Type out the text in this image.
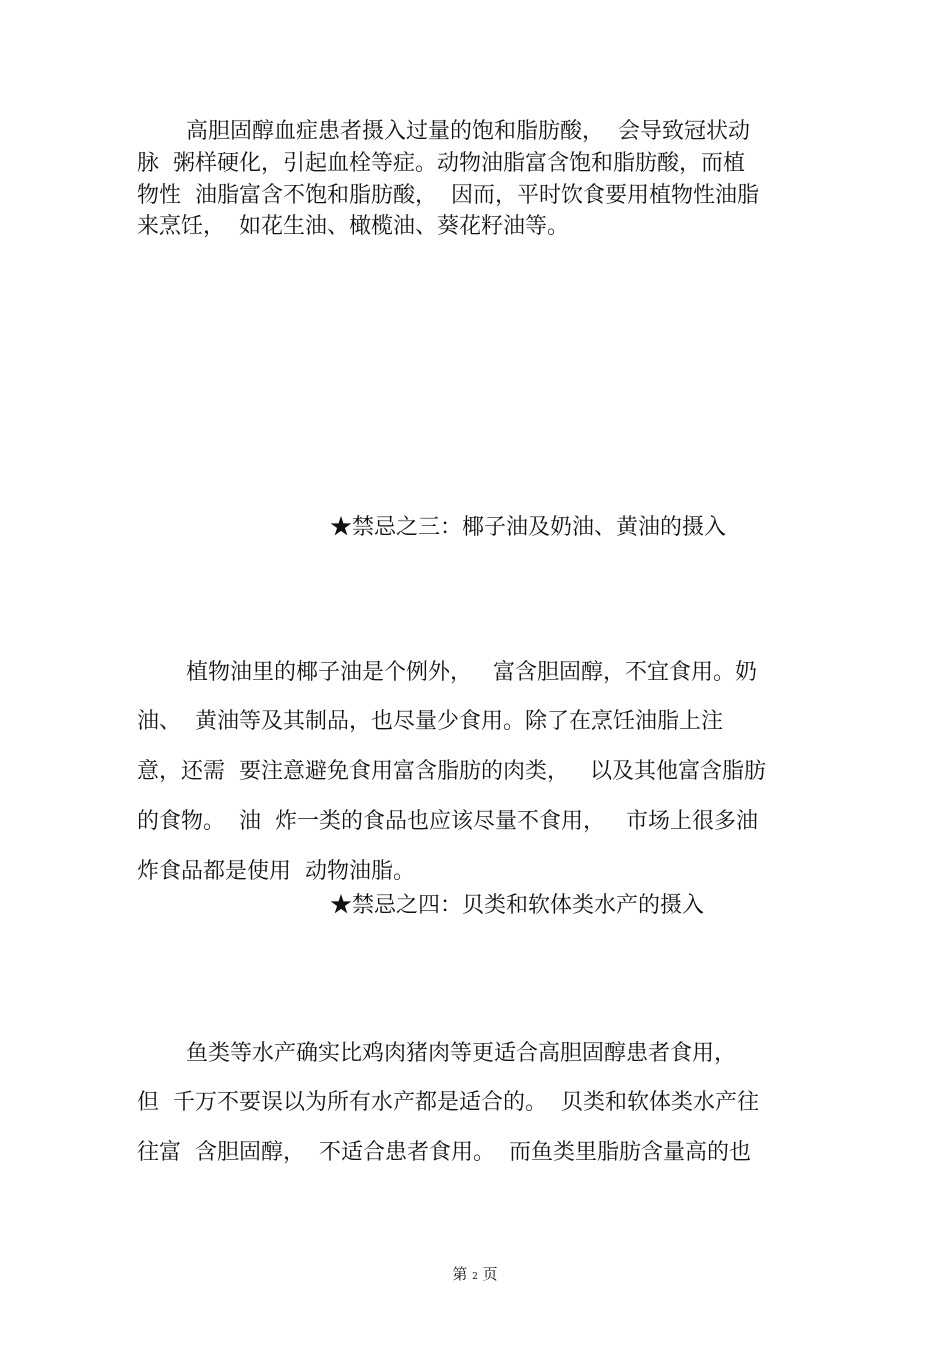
高胆固醇血症患者摄入过量的饱和脂肪酸，  会导致冠状动
脉  粥样硬化，引起血栓等症。动物油脂富含饱和脂肪酸，而植
物性  油脂富含不饱和脂肪酸，  因而，平时饮食要用植物性油脂
来烹饪，  如花生油、橄榄油、葵花籽油等。
★禁忌之三：椰子油及奶油、黄油的摄入
植物油里的椰子油是个例外，   富含胆固醇，不宜食用。奶
油、  黄油等及其制品，也尽量少食用。除了在烹饪油脂上注
意，还需  要注意避免食用富含脂肪的肉类，   以及其他富含脂肪
的食物。  油  炸一类的食品也应该尽量不食用，   市场上很多油
炸食品都是使用  动物油脂。
★禁忌之四：贝类和软体类水产的摄入
鱼类等水产确实比鸡肉猪肉等更适合高胆固醇患者食用，
但  千万不要误以为所有水产都是适合的。  贝类和软体类水产往
往富  含胆固醇，  不适合患者食用。  而鱼类里脂肪含量高的也
第 2 页
